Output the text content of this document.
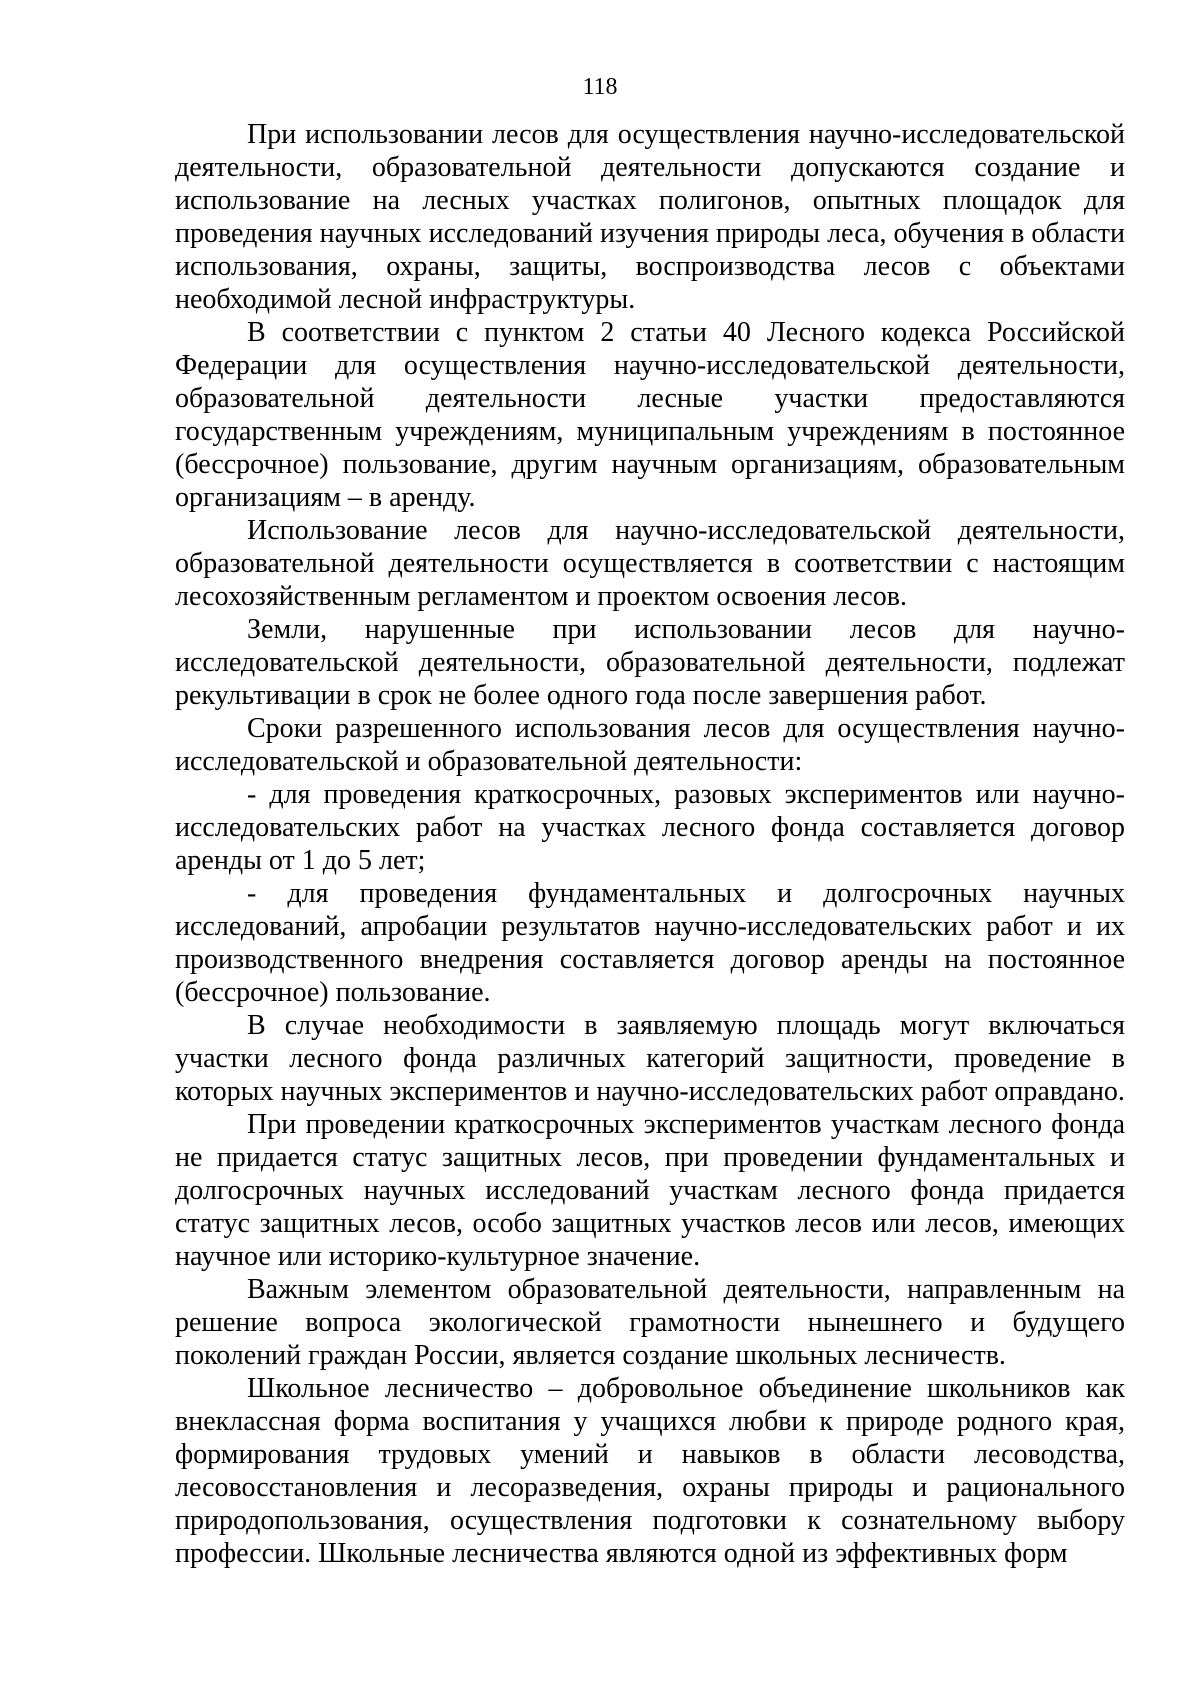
118

При использовании лесов для осуществления научно-исследовательской деятельности, образовательной деятельности допускаются создание и использование на лесных участках полигонов, опытных площадок для проведения научных исследований изучения природы леса, обучения в области использования, охраны, защиты, воспроизводства лесов с объектами необходимой лесной инфраструктуры.

В соответствии с пунктом 2 статьи 40 Лесного кодекса Российской Федерации для осуществления научно-исследовательской деятельности, образовательной деятельности лесные участки предоставляются государственным учреждениям, муниципальным учреждениям в постоянное (бессрочное) пользование, другим научным организациям, образовательным организациям – в аренду.

Использование лесов для научно-исследовательской деятельности, образовательной деятельности осуществляется в соответствии с настоящим лесохозяйственным регламентом и проектом освоения лесов.

Земли, нарушенные при использовании лесов для научно-исследовательской деятельности, образовательной деятельности, подлежат рекультивации в срок не более одного года после завершения работ.

Сроки разрешенного использования лесов для осуществления научно-исследовательской и образовательной деятельности:

- для проведения краткосрочных, разовых экспериментов или научно-исследовательских работ на участках лесного фонда составляется договор аренды от 1 до 5 лет;

- для проведения фундаментальных и долгосрочных научных исследований, апробации результатов научно-исследовательских работ и их производственного внедрения составляется договор аренды на постоянное (бессрочное) пользование.

В случае необходимости в заявляемую площадь могут включаться участки лесного фонда различных категорий защитности, проведение в которых научных экспериментов и научно-исследовательских работ оправдано.

При проведении краткосрочных экспериментов участкам лесного фонда не придается статус защитных лесов, при проведении фундаментальных и долгосрочных научных исследований участкам лесного фонда придается статус защитных лесов, особо защитных участков лесов или лесов, имеющих научное или историко-культурное значение.

Важным элементом образовательной деятельности, направленным на решение вопроса экологической грамотности нынешнего и будущего поколений граждан России, является создание школьных лесничеств.

Школьное лесничество – добровольное объединение школьников как внеклассная форма воспитания у учащихся любви к природе родного края, формирования трудовых умений и навыков в области лесоводства, лесовосстановления и лесоразведения, охраны природы и рационального природопользования, осуществления подготовки к сознательному выбору профессии. Школьные лесничества являются одной из эффективных форм
